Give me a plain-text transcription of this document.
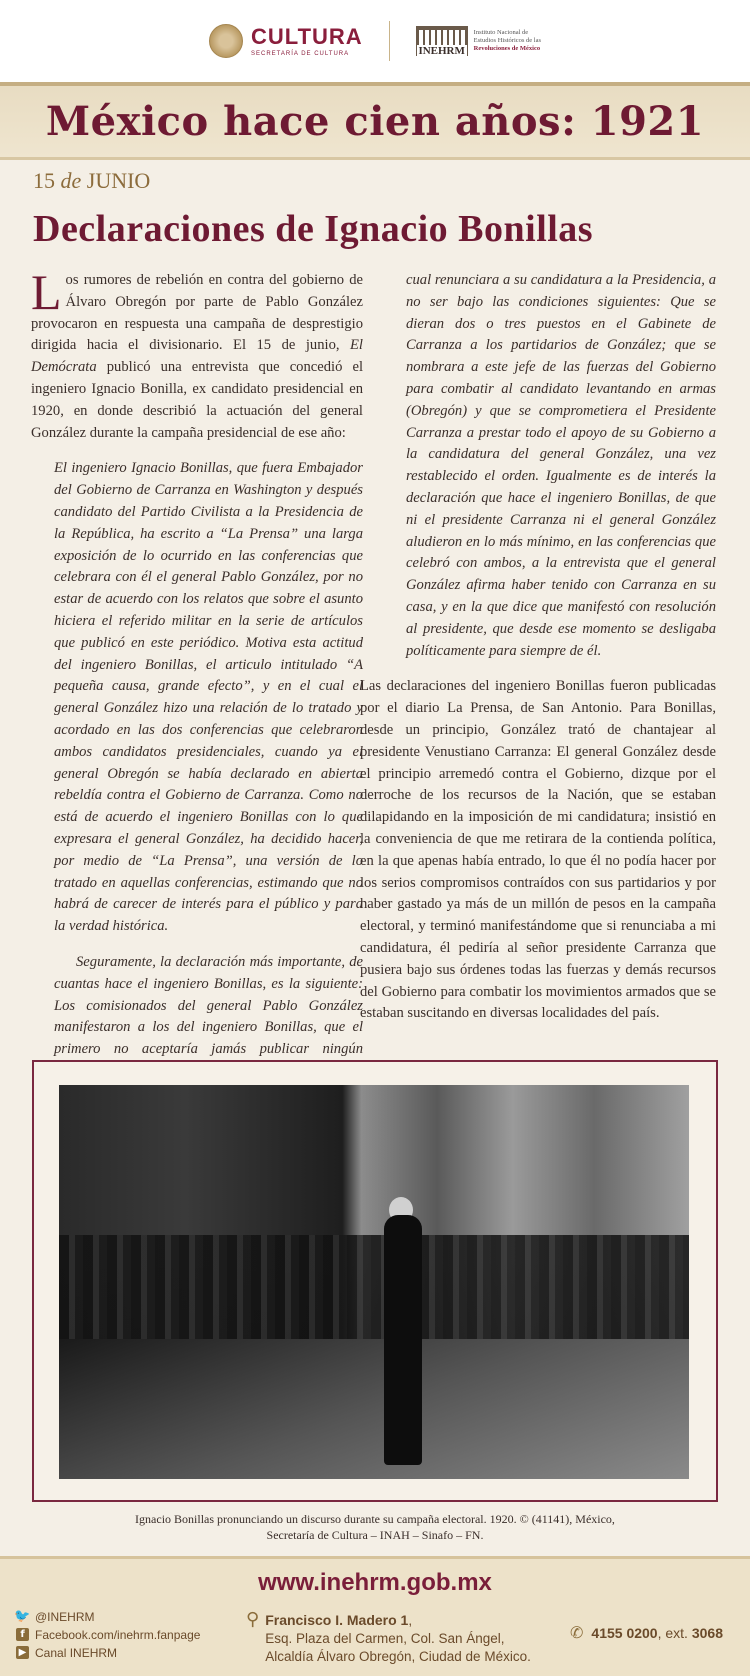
CULTURA
SECRETARÍA DE CULTURA	INEHRM
Instituto Nacional de
Estudios Históricos de las
Revoluciones de México
México hace cien años: 1921
15 de JUNIO
Declaraciones de Ignacio Bonillas

Los rumores de rebelión en contra del gobierno de Álvaro Obregón por parte de Pablo González provocaron en respuesta una campaña de desprestigio dirigida hacia el divisionario. El 15 de junio, El Demócrata publicó una entrevista que concedió el ingeniero Ignacio Bonilla, ex candidato presidencial en 1920, en donde describió la actuación del general González durante la campaña presidencial de ese año:

El ingeniero Ignacio Bonillas, que fuera Embajador del Gobierno de Carranza en Washington y después candidato del Partido Civilista a la Presidencia de la República, ha escrito a “La Prensa” una larga exposición de lo ocurrido en las conferencias que celebrara con él el general Pablo González, por no estar de acuerdo con los relatos que sobre el asunto hiciera el referido militar en la serie de artículos que publicó en este periódico. Motiva esta actitud del ingeniero Bonillas, el articulo intitulado “A pequeña causa, grande efecto”, y en el cual el general González hizo una relación de lo tratado y acordado en las dos conferencias que celebraron ambos candidatos presidenciales, cuando ya el general Obregón se había declarado en abierta rebeldía contra el Gobierno de Carranza. Como no está de acuerdo el ingeniero Bonillas con lo que expresara el general González, ha decidido hacer, por medio de “La Prensa”, una versión de lo tratado en aquellas conferencias, estimando que no habrá de carecer de interés para el público y para la verdad histórica.

Seguramente, la declaración más importante, de cuantas hace el ingeniero Bonillas, es la siguiente: Los comisionados del general Pablo González manifestaron a los del ingeniero Bonillas, que el primero no aceptaría jamás publicar ningún

cual renunciara a su candidatura a la Presidencia, a no ser bajo las condiciones siguientes: Que se dieran dos o tres puestos en el Gabinete de Carranza a los partidarios de González; que se nombrara a este jefe de las fuerzas del Gobierno para combatir al candidato levantando en armas (Obregón) y que se comprometiera el Presidente Carranza a prestar todo el apoyo de su Gobierno a la candidatura del general González, una vez restablecido el orden. Igualmente es de interés la declaración que hace el ingeniero Bonillas, de que ni el presidente Carranza ni el general González aludieron en lo más mínimo, en las conferencias que celebró con ambos, a la entrevista que el general González afirma haber tenido con Carranza en su casa, y en la que dice que manifestó con resolución al presidente, que desde ese momento se desligaba políticamente para siempre de él.

Las declaraciones del ingeniero Bonillas fueron publicadas por el diario La Prensa, de San Antonio. Para Bonillas, desde un principio, González trató de chantajear al presidente Venustiano Carranza: El general González desde el principio arremedó contra el Gobierno, dizque por el derroche de los recursos de la Nación, que se estaban dilapidando en la imposición de mi candidatura; insistió en la conveniencia de que me retirara de la contienda política, en la que apenas había entrado, lo que él no podía hacer por los serios compromisos contraídos con sus partidarios y por haber gastado ya más de un millón de pesos en la campaña electoral, y terminó manifestándome que si renunciaba a mi candidatura, él pediría al señor presidente Carranza que pusiera bajo sus órdenes todas las fuerzas y demás recursos del Gobierno para combatir los movimientos armados que se estaban suscitando en diversas localidades del país.

Ignacio Bonillas pronunciando un discurso durante su campaña electoral. 1920. © (41141), México,
Secretaría de Cultura – INAH – Sinafo – FN.
www.inehrm.gob.mx
🐦 @INEHRM
f Facebook.com/inehrm.fanpage
▶ Canal INEHRM
⚲ Francisco I. Madero 1,
Esq. Plaza del Carmen, Col. San Ángel,
Alcaldía Álvaro Obregón, Ciudad de México.
✆ 4155 0200, ext. 3068
